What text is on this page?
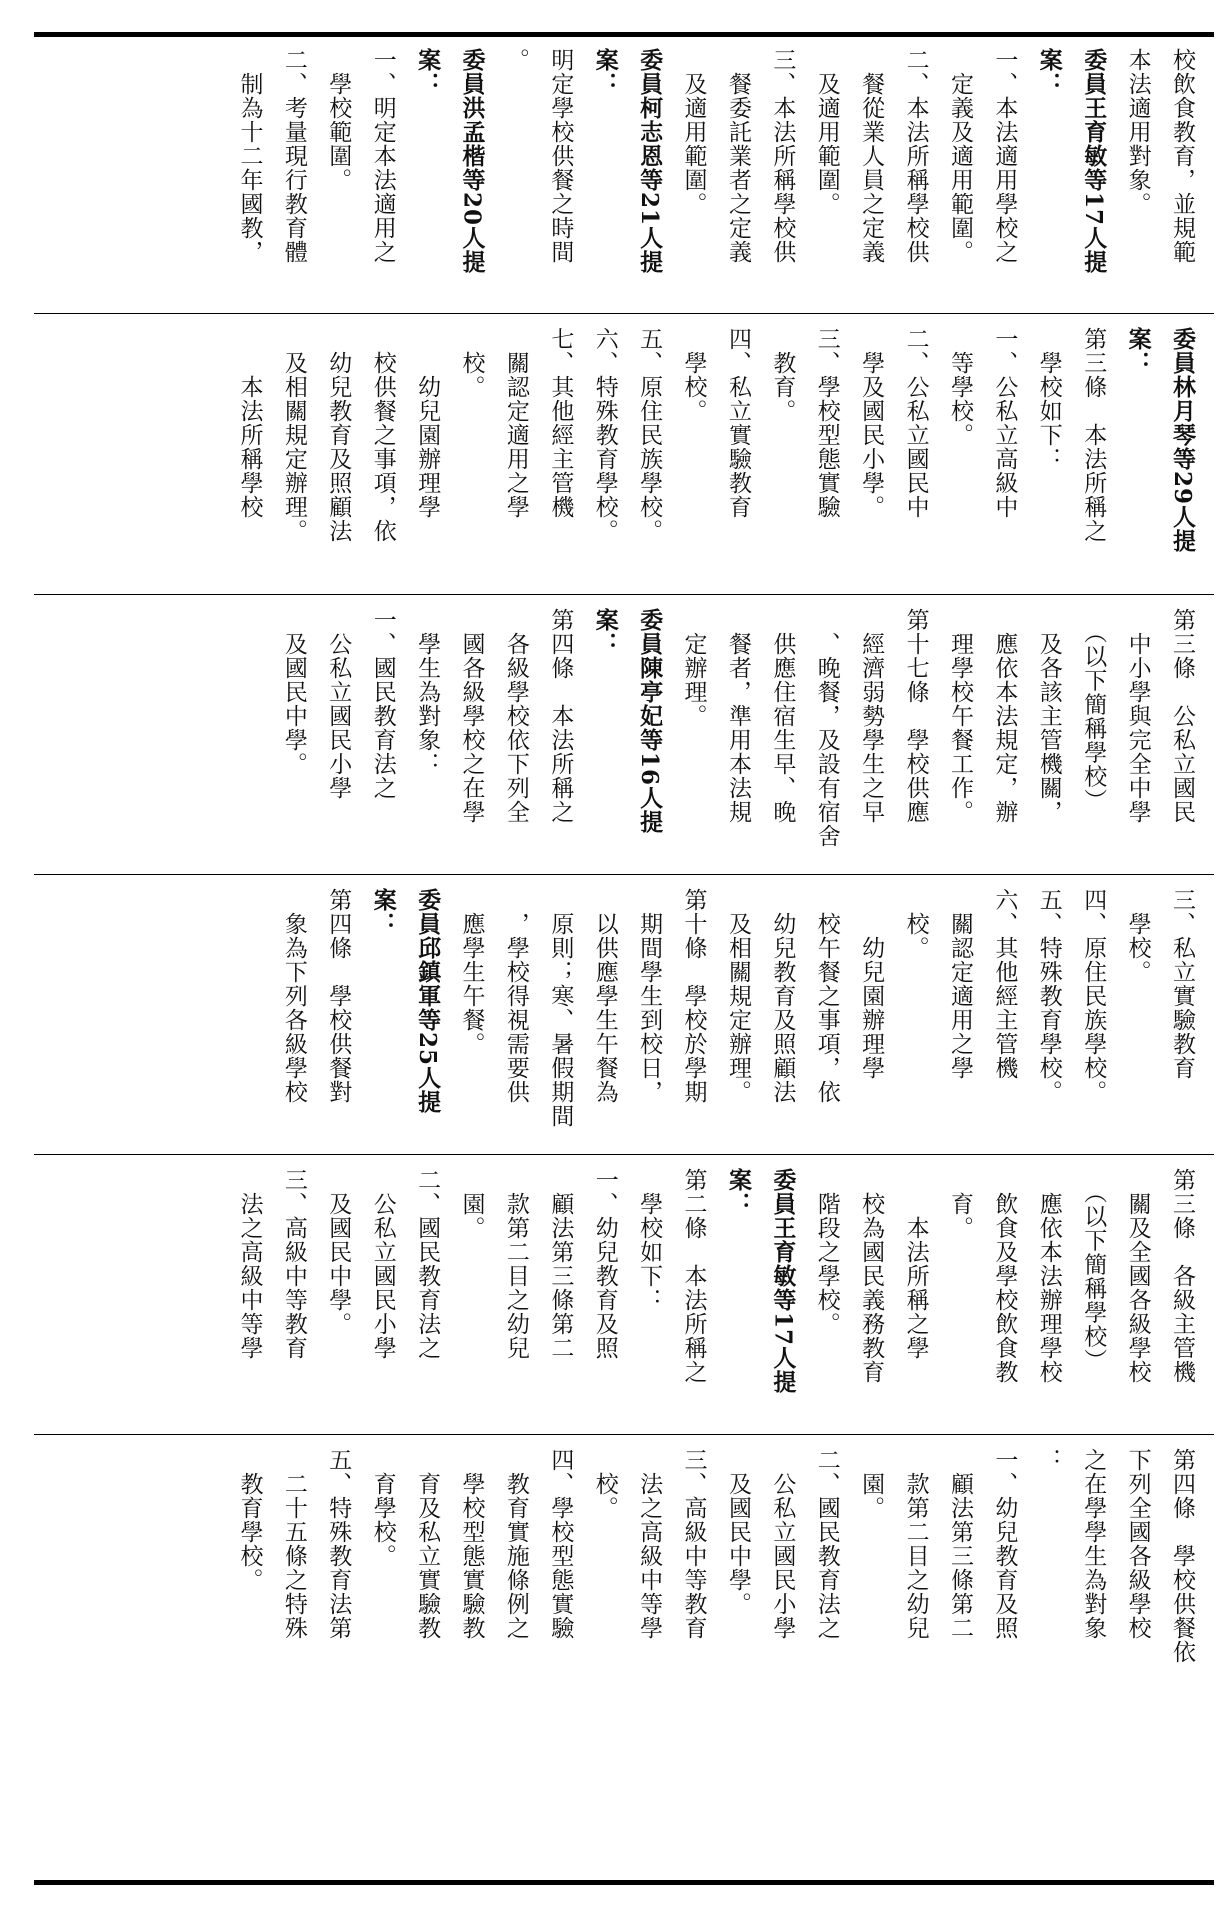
第四條　學校供餐依
下列全國各級學校
之在學學生為對象
：
一、幼兒教育及照
　顧法第三條第二
　款第二目之幼兒
　園。
二、國民教育法之
　公私立國民小學
　及國民中學。
三、高級中等教育
　法之高級中等學
　校。
四、學校型態實驗
　教育實施條例之
　學校型態實驗教
　育及私立實驗教
　育學校。
五、特殊教育法第
　二十五條之特殊
　教育學校。
第三條　各級主管機
　關及全國各級學校
　（以下簡稱學校）
　應依本法辦理學校
　飲食及學校飲食教
　育。
　　本法所稱之學
　校為國民義務教育
　階段之學校。
委員王育敏等17人提
案：
第二條　本法所稱之
　學校如下：
一、幼兒教育及照
　顧法第三條第二
　款第二目之幼兒
　園。
二、國民教育法之
　公私立國民小學
　及國民中學。
三、高級中等教育
　法之高級中等學
三、私立實驗教育
　學校。
四、原住民族學校。
五、特殊教育學校。
六、其他經主管機
　關認定適用之學
　校。
　　幼兒園辦理學
　校午餐之事項，依
　幼兒教育及照顧法
　及相關規定辦理。
第十條　學校於學期
　期間學生到校日，
　以供應學生午餐為
　原則；寒、暑假期間
　，學校得視需要供
　應學生午餐。
委員邱鎮軍等25人提
案：
第四條　學校供餐對
　象為下列各級學校
第三條　公私立國民
　中小學與完全中學
　（以下簡稱學校）
　及各該主管機關，
　應依本法規定，辦
　理學校午餐工作。
第十七條　學校供應
　經濟弱勢學生之早
　、晚餐，及設有宿舍
　供應住宿生早、晚
　餐者，準用本法規
　定辦理。
委員陳亭妃等16人提
案：
第四條　本法所稱之
　各級學校依下列全
　國各級學校之在學
　學生為對象：
一、國民教育法之
　公私立國民小學
　及國民中學。
委員林月琴等29人提
案：
第三條　本法所稱之
　學校如下：
一、公私立高級中
　等學校。
二、公私立國民中
　學及國民小學。
三、學校型態實驗
　教育。
四、私立實驗教育
　學校。
五、原住民族學校。
六、特殊教育學校。
七、其他經主管機
　關認定適用之學
　校。
　　幼兒園辦理學
　校供餐之事項，依
　幼兒教育及照顧法
　及相關規定辦理。
　　本法所稱學校
校飲食教育，並規範
本法適用對象。
委員王育敏等17人提
案：
一、本法適用學校之
　定義及適用範圍。
二、本法所稱學校供
　餐從業人員之定義
　及適用範圍。
三、本法所稱學校供
　餐委託業者之定義
　及適用範圍。
委員柯志恩等21人提
案：
明定學校供餐之時間
。
委員洪孟楷等20人提
案：
一、明定本法適用之
　學校範圍。
二、考量現行教育體
　制為十二年國教，
